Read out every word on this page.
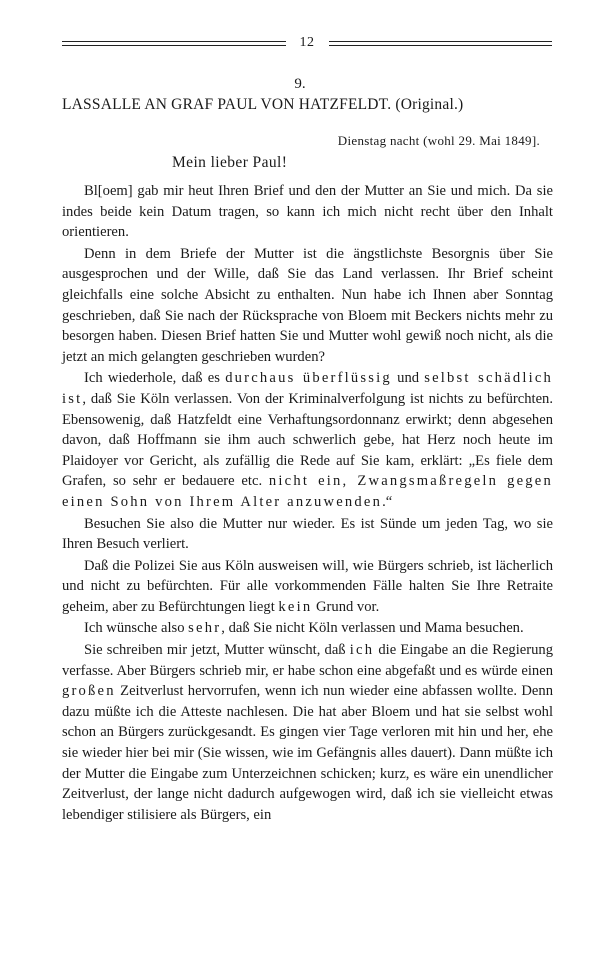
12
9.
LASSALLE AN GRAF PAUL VON HATZFELDT. (Original.)
Dienstag nacht (wohl 29. Mai 1849].
Mein lieber Paul!

Bl[oem] gab mir heut Ihren Brief und den der Mutter an Sie und mich. Da sie indes beide kein Datum tragen, so kann ich mich nicht recht über den Inhalt orientieren.

Denn in dem Briefe der Mutter ist die ängstlichste Besorgnis über Sie ausgesprochen und der Wille, daß Sie das Land verlassen. Ihr Brief scheint gleichfalls eine solche Absicht zu enthalten. Nun habe ich Ihnen aber Sonntag geschrieben, daß Sie nach der Rücksprache von Bloem mit Beckers nichts mehr zu besorgen haben. Diesen Brief hatten Sie und Mutter wohl gewiß noch nicht, als die jetzt an mich gelangten geschrieben wurden?

Ich wiederhole, daß es durchaus überflüssig und selbst schädlich ist, daß Sie Köln verlassen. Von der Kriminalverfolgung ist nichts zu befürchten. Ebensowenig, daß Hatzfeldt eine Verhaftungsordonnanz erwirkt; denn abgesehen davon, daß Hoffmann sie ihm auch schwerlich gebe, hat Herz noch heute im Plaidoyer vor Gericht, als zufällig die Rede auf Sie kam, erklärt: „Es fiele dem Grafen, so sehr er bedauere etc. nicht ein, Zwangsmaßregeln gegen einen Sohn von Ihrem Alter anzuwenden.“

Besuchen Sie also die Mutter nur wieder. Es ist Sünde um jeden Tag, wo sie Ihren Besuch verliert.

Daß die Polizei Sie aus Köln ausweisen will, wie Bürgers schrieb, ist lächerlich und nicht zu befürchten. Für alle vorkommenden Fälle halten Sie Ihre Retraite geheim, aber zu Befürchtungen liegt kein Grund vor.

Ich wünsche also sehr, daß Sie nicht Köln verlassen und Mama besuchen.

Sie schreiben mir jetzt, Mutter wünscht, daß ich die Eingabe an die Regierung verfasse. Aber Bürgers schrieb mir, er habe schon eine abgefaßt und es würde einen großen Zeitverlust hervorrufen, wenn ich nun wieder eine abfassen wollte. Denn dazu müßte ich die Atteste nachlesen. Die hat aber Bloem und hat sie selbst wohl schon an Bürgers zurückgesandt. Es gingen vier Tage verloren mit hin und her, ehe sie wieder hier bei mir (Sie wissen, wie im Gefängnis alles dauert). Dann müßte ich der Mutter die Eingabe zum Unterzeichnen schicken; kurz, es wäre ein unendlicher Zeitverlust, der lange nicht dadurch aufgewogen wird, daß ich sie vielleicht etwas lebendiger stilisiere als Bürgers, ein
